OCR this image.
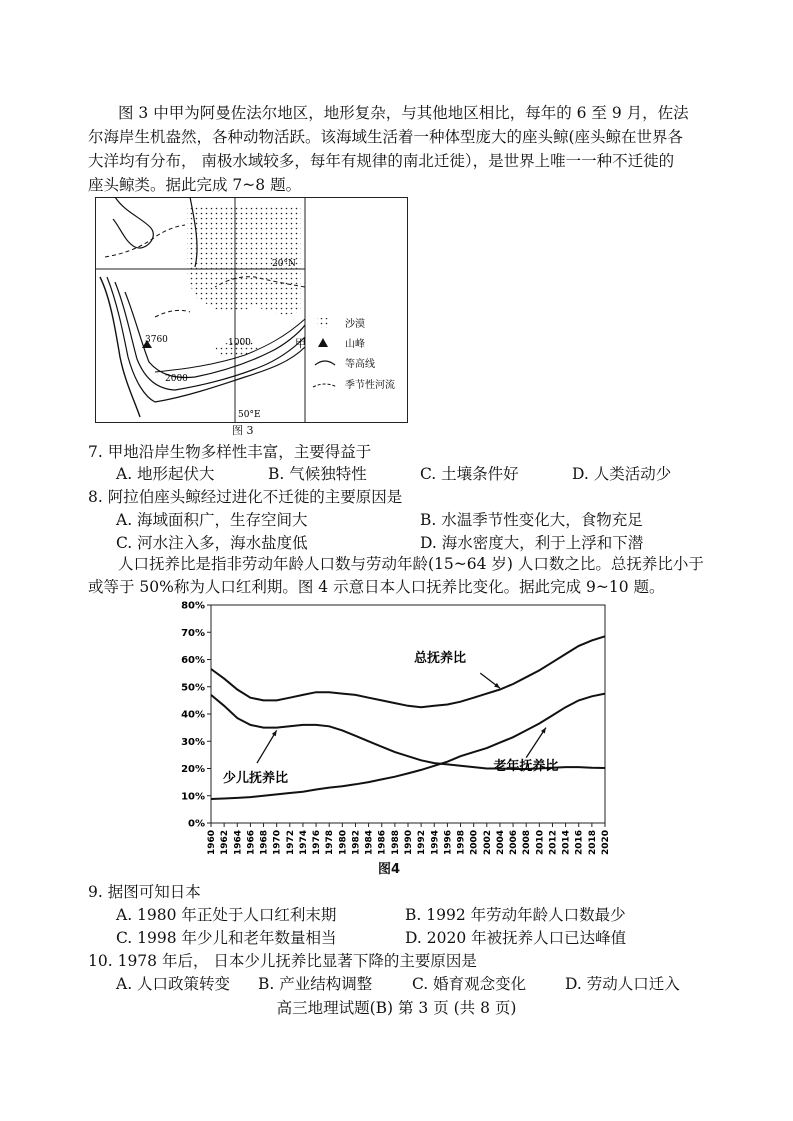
图 3 中甲为阿曼佐法尔地区，地形复杂，与其他地区相比，每年的 6 至 9 月，佐法
尔海岸生机盎然，各种动物活跃。该海域生活着一种体型庞大的座头鲸(座头鲸在世界各
大洋均有分布， 南极水域较多，每年有规律的南北迁徙），是世界上唯一一种不迁徙的
座头鲸类。据此完成 7~8 题。
3760	1000
2000
20°N
50°E
甲
沙漠
山峰
等高线
季节性河流
图 3
7. 甲地沿岸生物多样性丰富，主要得益于
A. 地形起伏大	B. 气候独特性	C. 土壤条件好	D. 人类活动少
8. 阿拉伯座头鲸经过进化不迁徙的主要原因是
A. 海域面积广，生存空间大	B. 水温季节性变化大，食物充足
C. 河水注入多，海水盐度低	D. 海水密度大，利于上浮和下潜
人口抚养比是指非劳动年龄人口数与劳动年龄(15~64 岁) 人口数之比。总抚养比小于
或等于 50%称为人口红利期。图 4 示意日本人口抚养比变化。据此完成 9~10 题。
0%
10%
20%
30%
40%
50%
60%
70%
80%
1960 1962 1964 1966 1968 1970 1972 1974 1976 1978 1980 1982 1984 1986 1988 1990 1992 1994 1996 1998 2000 2002 2004 2006 2008 2010 2012 2014 2016 2018 2020
总抚养比
少儿抚养比
老年抚养比
图4
9. 据图可知日本
A. 1980 年正处于人口红利末期	B. 1992 年劳动年龄人口数最少
C. 1998 年少儿和老年数量相当	D. 2020 年被抚养人口已达峰值
10. 1978 年后， 日本少儿抚养比显著下降的主要原因是
A. 人口政策转变 B. 产业结构调整	C. 婚育观念变化	D. 劳动人口迁入
高三地理试题(B) 第 3 页 (共 8 页)
